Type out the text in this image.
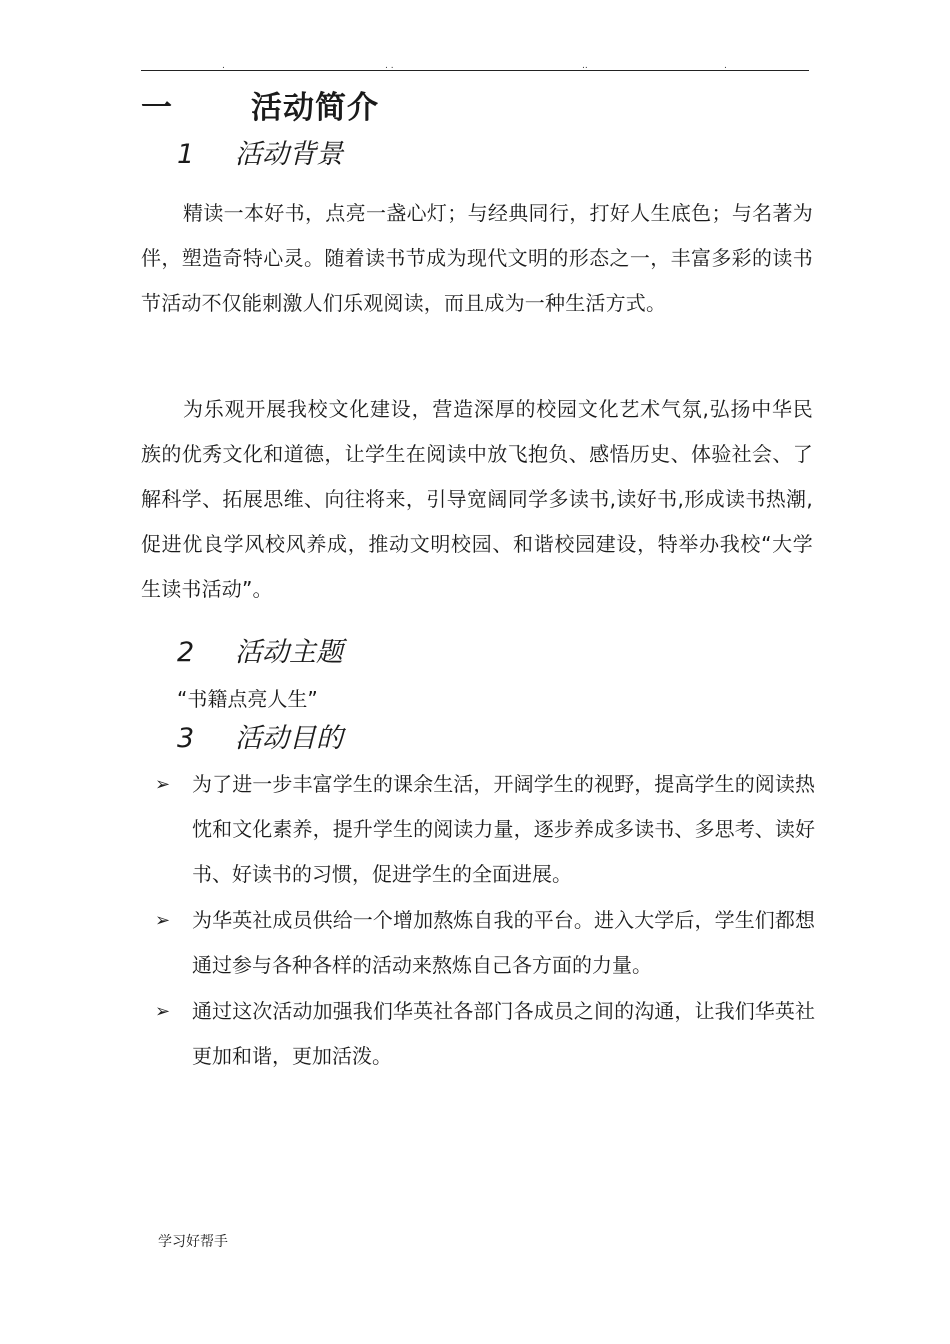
.	. .	..	.
一	活动简介
1 活动背景

精读一本好书，点亮一盏心灯；与经典同行，打好人生底色；与名著为伴，塑造奇特心灵。随着读书节成为现代文明的形态之一，丰富多彩的读书节活动不仅能刺激人们乐观阅读，而且成为一种生活方式。

为乐观开展我校文化建设，营造深厚的校园文化艺术气氛,弘扬中华民族的优秀文化和道德，让学生在阅读中放飞抱负、感悟历史、体验社会、了解科学、拓展思维、向往将来，引导宽阔同学多读书,读好书,形成读书热潮,促进优良学风校风养成，推动文明校园、和谐校园建设，特举办我校“大学生读书活动”。

2 活动主题
“书籍点亮人生”
3 活动目的
➢	为了进一步丰富学生的课余生活，开阔学生的视野，提高学生的阅读热忱和文化素养，提升学生的阅读力量，逐步养成多读书、多思考、读好书、好读书的习惯，促进学生的全面进展。
➢	为华英社成员供给一个增加熬炼自我的平台。进入大学后，学生们都想通过参与各种各样的活动来熬炼自己各方面的力量。
➢	通过这次活动加强我们华英社各部门各成员之间的沟通，让我们华英社更加和谐，更加活泼。
学习好帮手
